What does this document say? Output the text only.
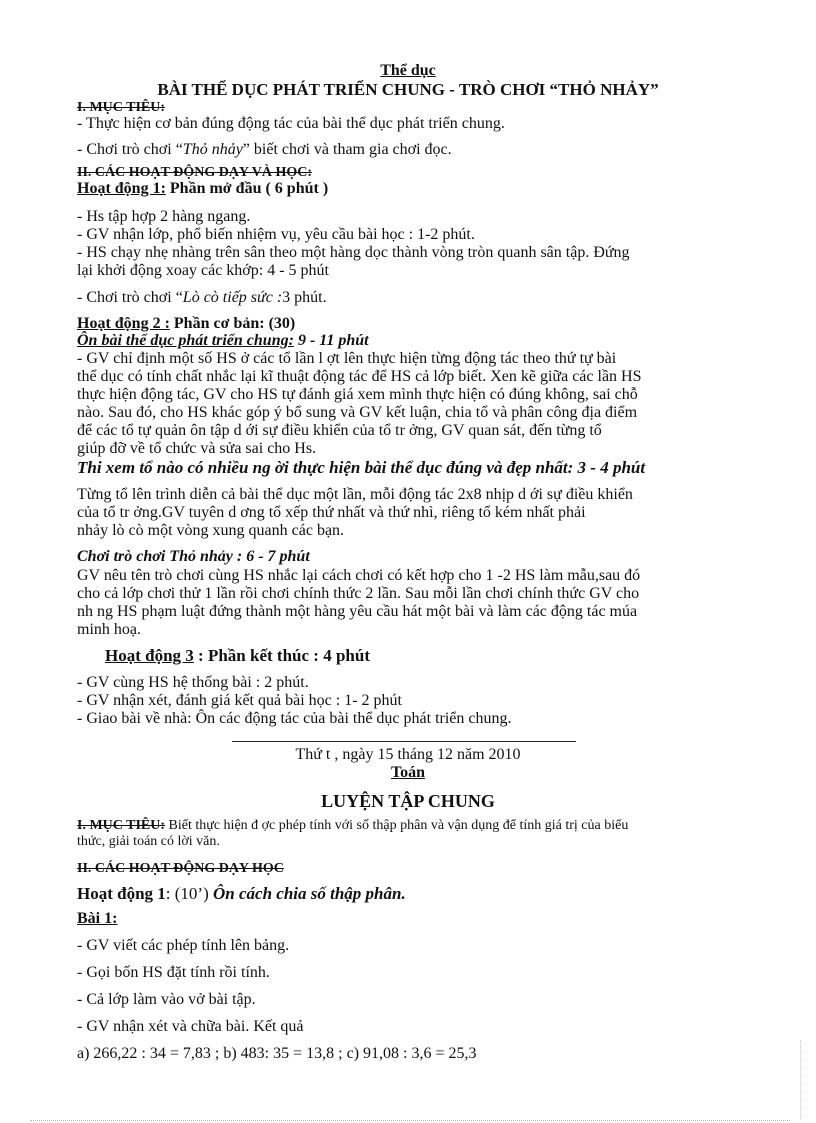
Thể dục
BÀI THỂ DỤC PHÁT TRIỂN CHUNG - TRÒ CHƠI “THỎ NHẢY”
I. MỤC TIÊU:
- Thực hiện cơ bản đúng động tác của bài thể dục phát triển chung.
- Chơi trò chơi “Thỏ nhảy” biết chơi và tham gia chơi đọc.
II. CÁC HOẠT ĐỘNG DẠY VÀ HỌC:
Hoạt động 1: Phần mở đầu ( 6 phút )
- Hs tập hợp 2 hàng ngang.
- GV nhận lớp, phổ biến nhiệm vụ, yêu cầu bài học : 1-2 phút.
- HS chạy nhẹ nhàng trên sân theo một hàng dọc thành vòng tròn quanh sân tập. Đứng
lại khởi động xoay các khớp: 4 - 5 phút
- Chơi trò chơi “Lò cò tiếp sức :3 phút.
Hoạt động 2 : Phần cơ bản: (30)
Ôn bài thể dục phát triển chung: 9 - 11 phút
- GV chỉ định một số HS ở các tổ lần l ợt lên thực hiện từng động tác theo thứ tự bài
thể dục có tính chất nhắc lại kĩ thuật động tác để HS cả lớp biết. Xen kẽ giữa các lần HS
thực hiện động tác, GV cho HS tự đánh giá xem mình thực hiện có đúng không, sai chỗ
nào. Sau đó, cho HS khác góp ý bổ sung và GV kết luận, chia tổ và phân công địa điểm
để các tổ tự quản ôn tập d ới sự điều khiển của tổ tr ởng, GV quan sát, đến từng tổ
giúp đỡ về tổ chức và sửa sai cho Hs.
Thi xem tổ nào có nhiều ng ời thực hiện bài thể dục đúng và đẹp nhất: 3 - 4 phút
Từng tổ lên trình diễn cả bài thể dục một lần, mỗi động tác 2x8 nhịp d ới sự điều khiển
của tổ tr ởng.GV tuyên d ơng tổ xếp thứ nhất và thứ nhì, riêng tổ kém nhất phải
nhảy lò cò một vòng xung quanh các bạn.
Chơi trò chơi Thỏ nhảy : 6 - 7 phút
GV nêu tên trò chơi cùng HS nhắc lại cách chơi có kết hợp cho 1 -2 HS làm mẫu,sau đó
cho cả lớp chơi thử 1 lần rồi chơi chính thức 2 lần. Sau mỗi lần chơi chính thức GV cho
nh ng HS phạm luật đứng thành một hàng yêu cầu hát một bài và làm các động tác múa
minh hoạ.
Hoạt động 3 : Phần kết thúc : 4 phút
- GV cùng HS hệ thống bài : 2 phút.
- GV nhận xét, đánh giá kết quả bài học : 1- 2 phút
- Giao bài về nhà: Ôn các động tác của bài thể dục phát triển chung.
Thứ t , ngày 15 tháng 12 năm 2010
Toán
LUYỆN TẬP CHUNG
I. MỤC TIÊU: Biết thực hiện đ ợc phép tính với số thập phân và vận dụng để tính giá trị của biểu
thức, giải toán có lời văn.
II. CÁC HOẠT ĐỘNG DẠY HỌC
Hoạt động 1: (10’) Ôn cách chia số thập phân.
Bài 1:
- GV viết các phép tính lên bảng.
- Gọi bốn HS đặt tính rồi tính.
- Cả lớp làm vào vở bài tập.
- GV nhận xét và chữa bài. Kết quả
a) 266,22 : 34 = 7,83 ; b) 483: 35 = 13,8 ; c) 91,08 : 3,6 = 25,3
